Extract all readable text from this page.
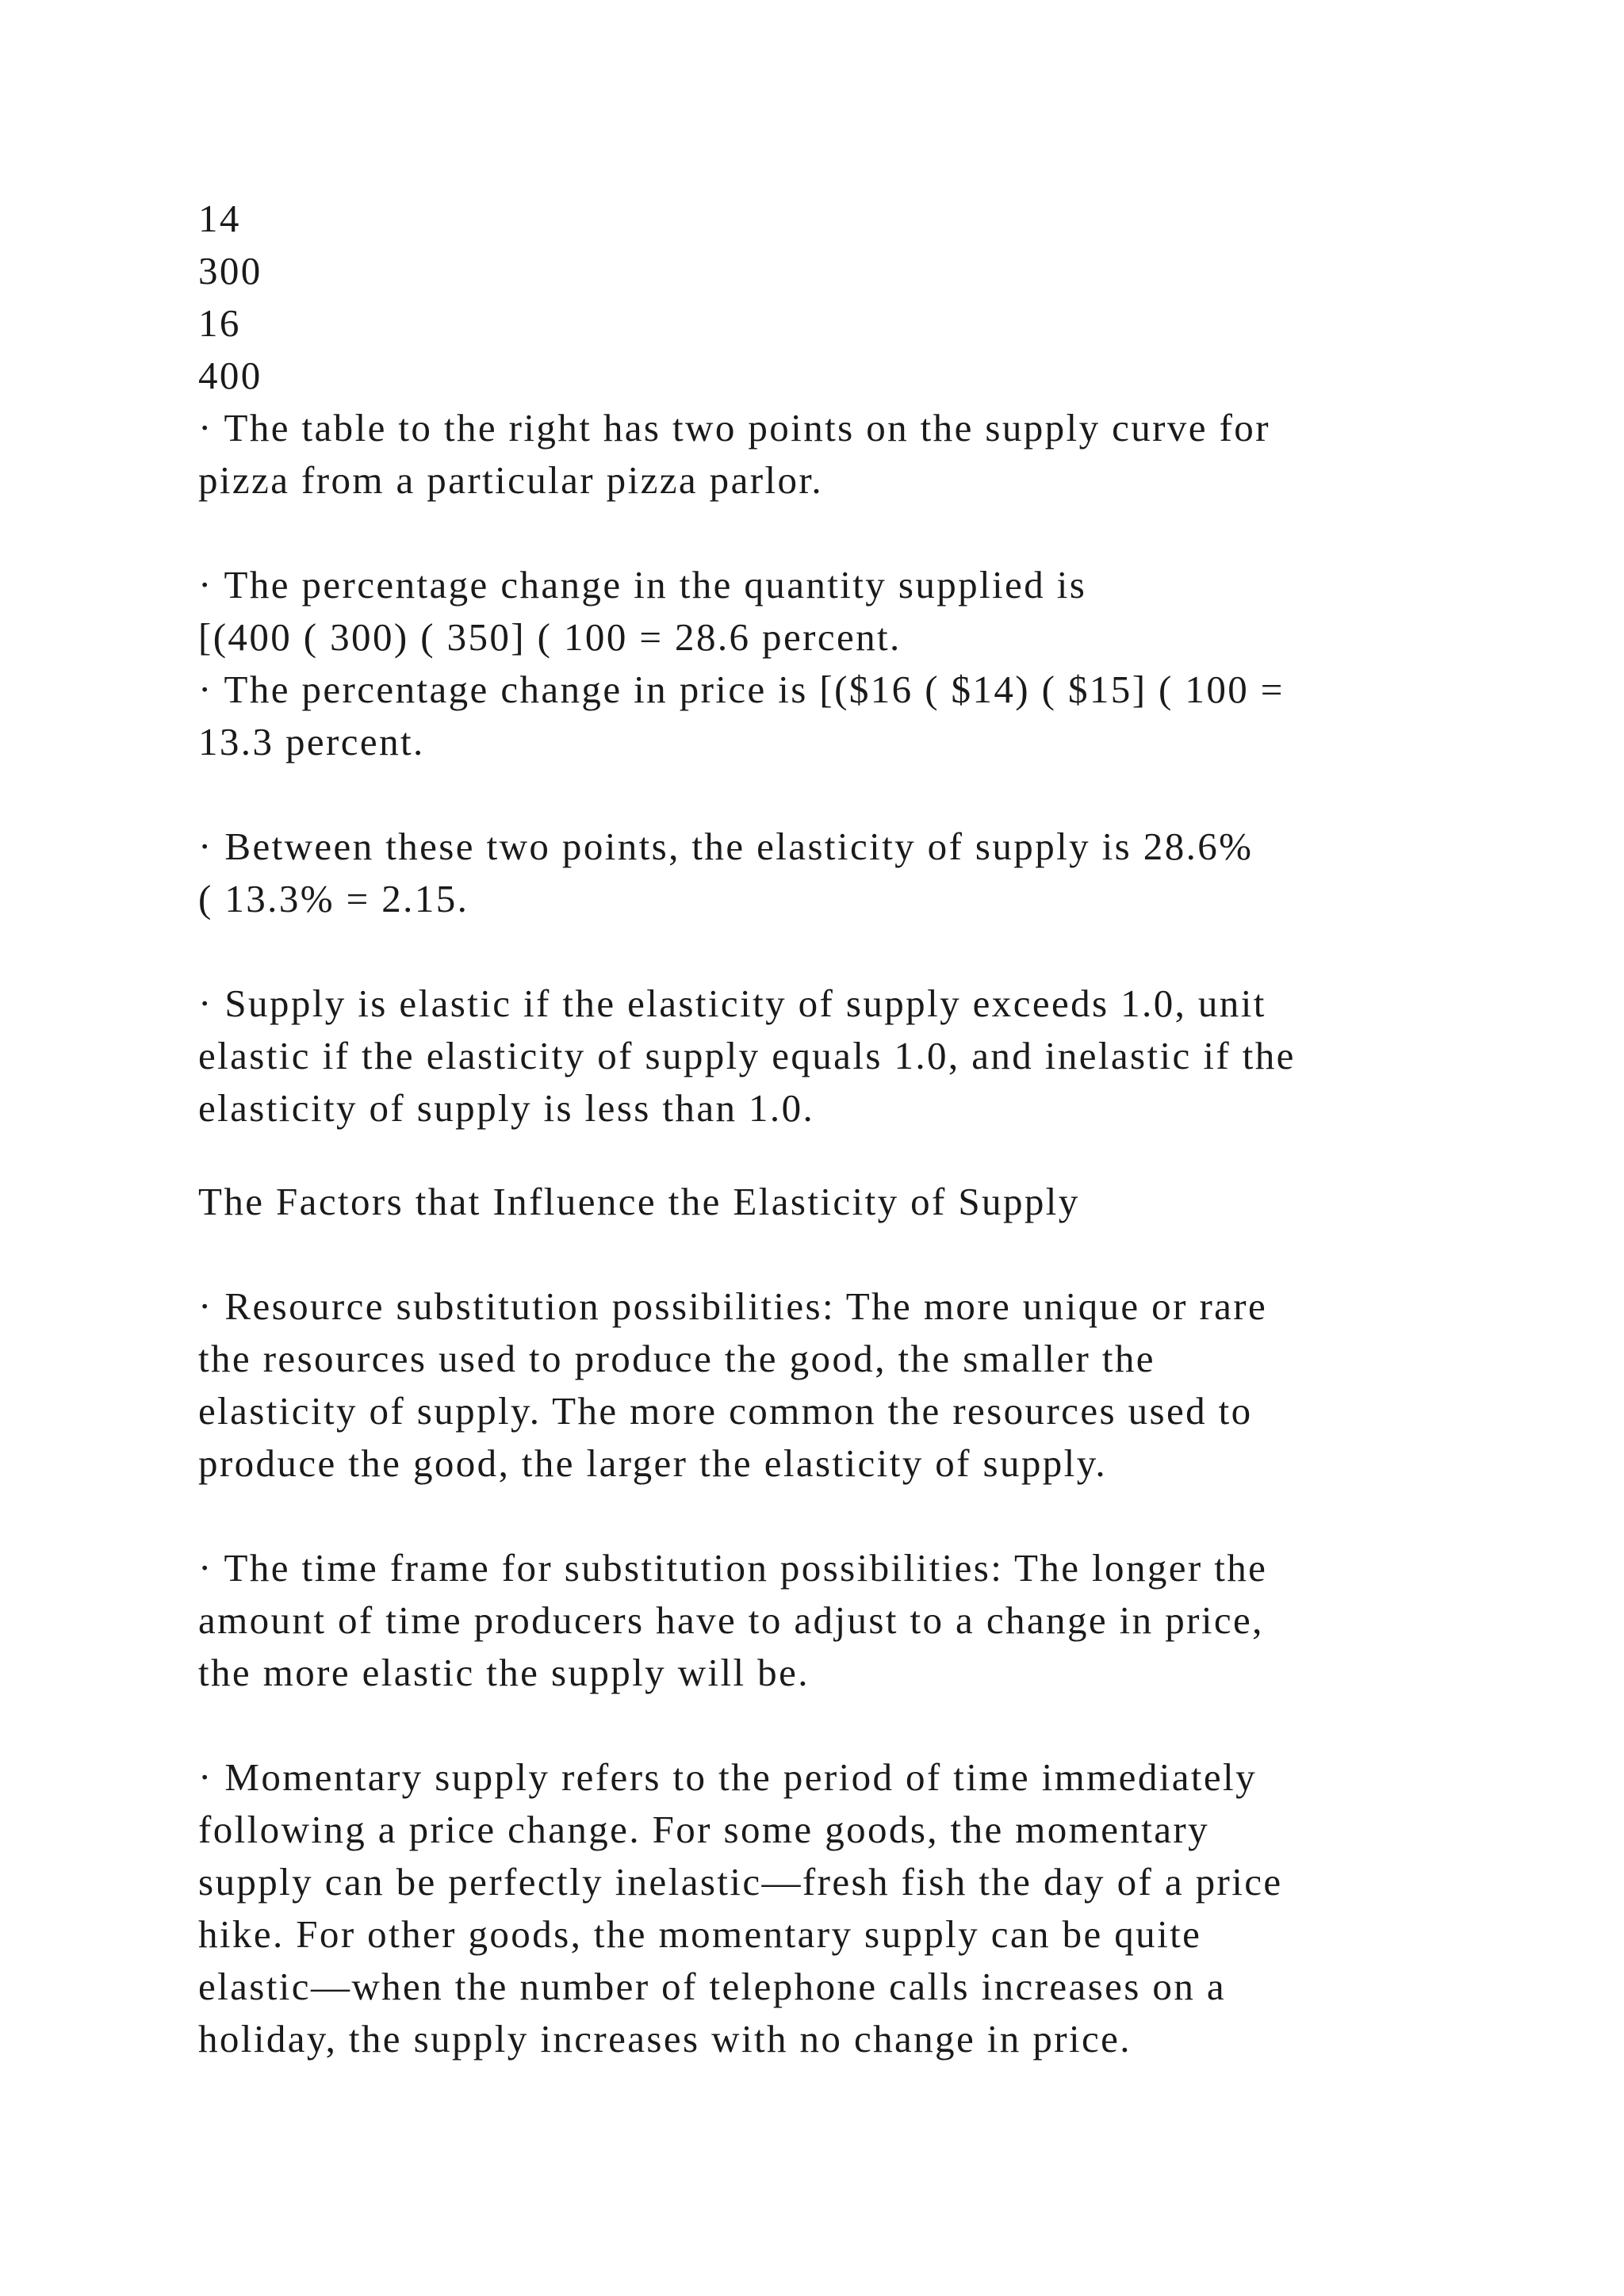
14
300
16
400
· The table to the right has two points on the supply curve for
pizza from a particular pizza parlor.
· The percentage change in the quantity supplied is
[(400 ( 300) ( 350] ( 100 = 28.6 percent.
· The percentage change in price is [($16 ( $14) ( $15] ( 100 =
13.3 percent.
· Between these two points, the elasticity of supply is 28.6%
( 13.3% = 2.15.
· Supply is elastic if the elasticity of supply exceeds 1.0, unit
elastic if the elasticity of supply equals 1.0, and inelastic if the
elasticity of supply is less than 1.0.
The Factors that Influence the Elasticity of Supply
· Resource substitution possibilities: The more unique or rare
the resources used to produce the good, the smaller the
elasticity of supply. The more common the resources used to
produce the good, the larger the elasticity of supply.
· The time frame for substitution possibilities: The longer the
amount of time producers have to adjust to a change in price,
the more elastic the supply will be.
· Momentary supply refers to the period of time immediately
following a price change. For some goods, the momentary
supply can be perfectly inelastic—fresh fish the day of a price
hike. For other goods, the momentary supply can be quite
elastic—when the number of telephone calls increases on a
holiday, the supply increases with no change in price.
